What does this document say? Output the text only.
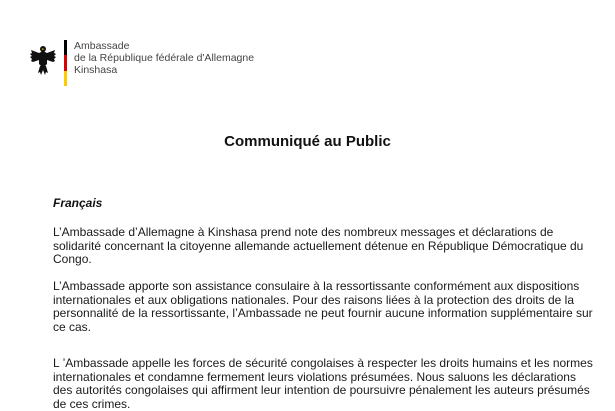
Ambassade
de la République fédérale d'Allemagne
Kinshasa
Communiqué au Public
Français
L’Ambassade d’Allemagne à Kinshasa prend note des nombreux messages et déclarations de solidarité concernant la citoyenne allemande actuellement détenue en République Démocratique du Congo.
L’Ambassade apporte son assistance consulaire à la ressortissante conformément aux dispositions internationales et aux obligations nationales. Pour des raisons liées à la protection des droits de la personnalité de la ressortissante, l’Ambassade ne peut fournir aucune information supplémentaire sur ce cas.
L ’Ambassade appelle les forces de sécurité congolaises à respecter les droits humains et les normes internationales et condamne fermement leurs violations présumées. Nous saluons les déclarations des autorités congolaises qui affirment leur intention de poursuivre pénalement les auteurs présumés de ces crimes.
